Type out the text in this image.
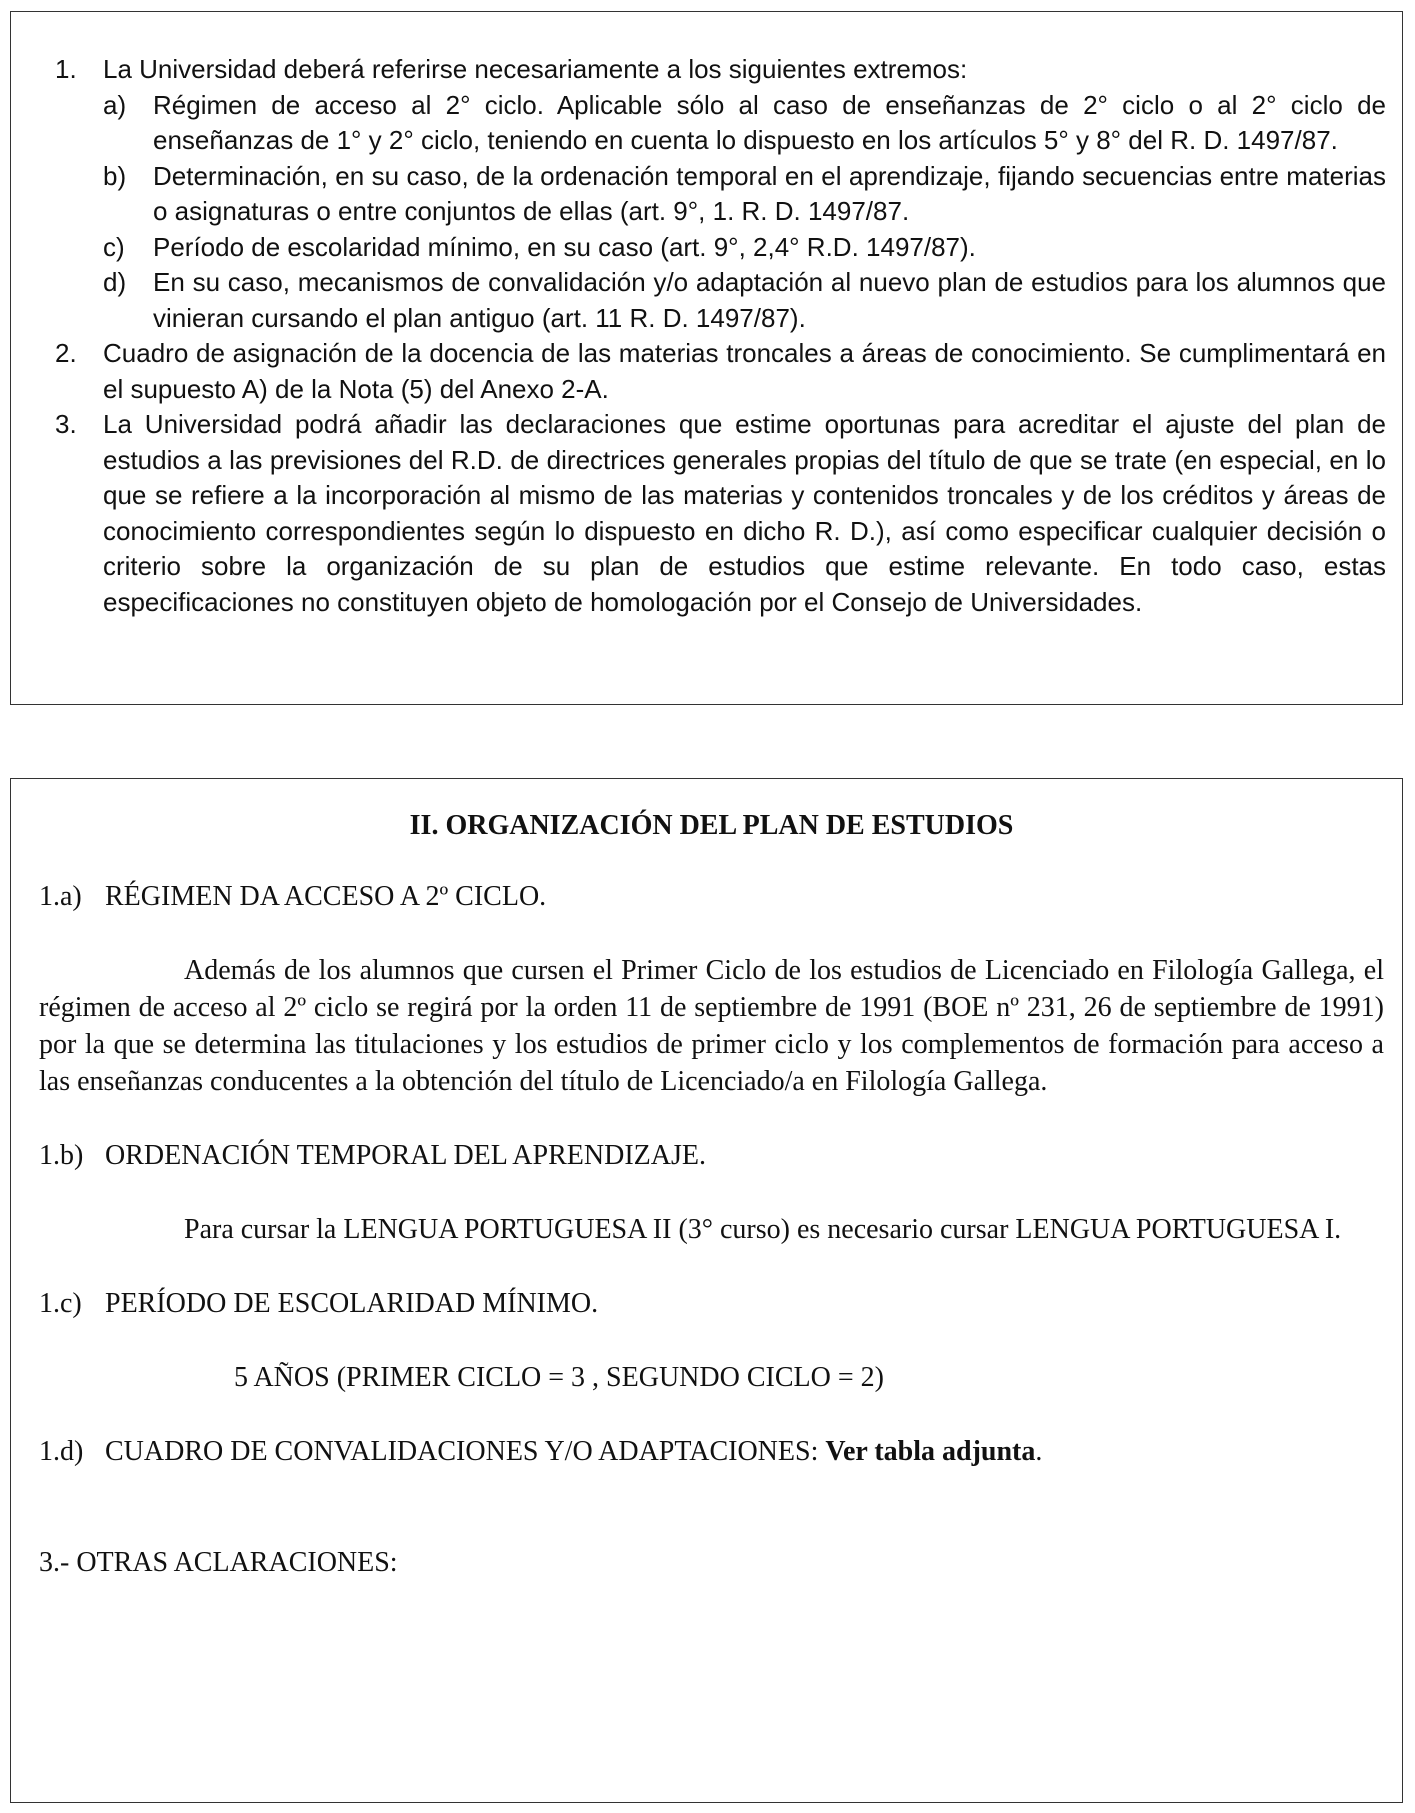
1. La Universidad deberá referirse necesariamente a los siguientes extremos:
a) Régimen de acceso al 2° ciclo. Aplicable sólo al caso de enseñanzas de 2° ciclo o al 2° ciclo de enseñanzas de 1° y 2° ciclo, teniendo en cuenta lo dispuesto en los artículos 5° y 8° del R. D. 1497/87.
b) Determinación, en su caso, de la ordenación temporal en el aprendizaje, fijando secuencias entre materias o asignaturas o entre conjuntos de ellas (art. 9°, 1. R. D. 1497/87.
c) Período de escolaridad mínimo, en su caso (art. 9°, 2,4° R.D. 1497/87).
d) En su caso, mecanismos de convalidación y/o adaptación al nuevo plan de estudios para los alumnos que vinieran cursando el plan antiguo (art. 11 R. D. 1497/87).
2. Cuadro de asignación de la docencia de las materias troncales a áreas de conocimiento. Se cumplimentará en el supuesto A) de la Nota (5) del Anexo 2-A.
3. La Universidad podrá añadir las declaraciones que estime oportunas para acreditar el ajuste del plan de estudios a las previsiones del R.D. de directrices generales propias del título de que se trate (en especial, en lo que se refiere a la incorporación al mismo de las materias y contenidos troncales y de los créditos y áreas de conocimiento correspondientes según lo dispuesto en dicho R. D.), así como especificar cualquier decisión o criterio sobre la organización de su plan de estudios que estime relevante. En todo caso, estas especificaciones no constituyen objeto de homologación por el Consejo de Universidades.

II. ORGANIZACIÓN DEL PLAN DE ESTUDIOS

1.a) RÉGIMEN DA ACCESO A 2º CICLO.

Además de los alumnos que cursen el Primer Ciclo de los estudios de Licenciado en Filología Gallega, el régimen de acceso al 2º ciclo se regirá por la orden 11 de septiembre de 1991 (BOE nº 231, 26 de septiembre de 1991) por la que se determina las titulaciones y los estudios de primer ciclo y los complementos de formación para acceso a las enseñanzas conducentes a la obtención del título de Licenciado/a en Filología Gallega.

1.b) ORDENACIÓN TEMPORAL DEL APRENDIZAJE.

Para cursar la LENGUA PORTUGUESA II (3° curso) es necesario cursar LENGUA PORTUGUESA I.

1.c) PERÍODO DE ESCOLARIDAD MÍNIMO.

5 AÑOS (PRIMER CICLO = 3 , SEGUNDO CICLO = 2)

1.d) CUADRO DE CONVALIDACIONES Y/O ADAPTACIONES: Ver tabla adjunta.

3.- OTRAS ACLARACIONES:
